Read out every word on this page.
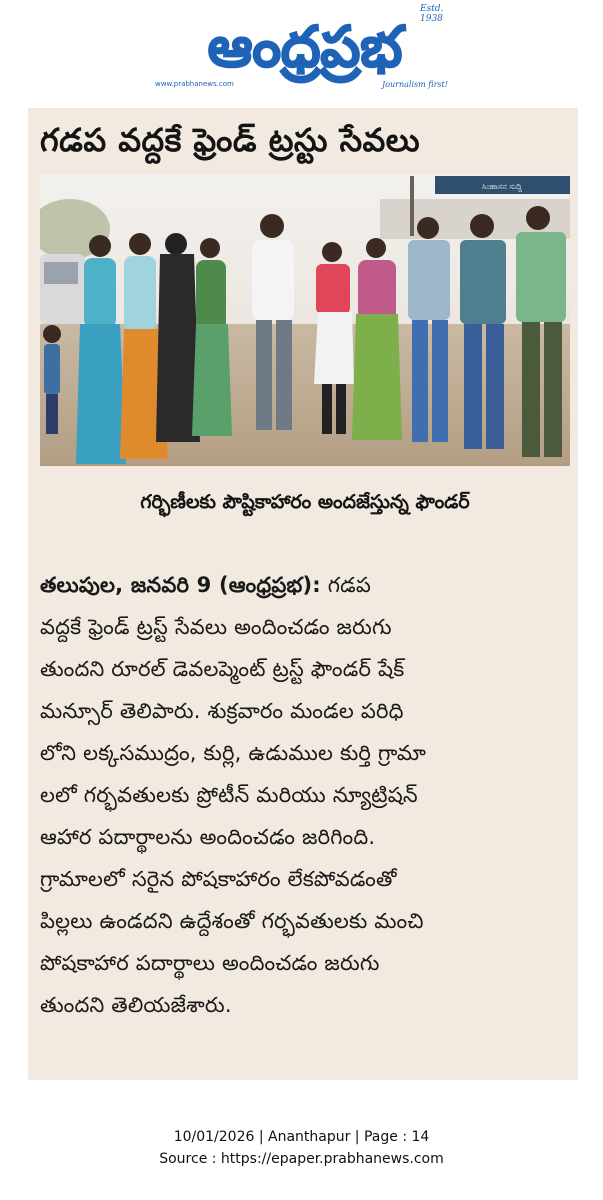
ఆంధ్రప్రభ
Estd. 1938
www.prabhanews.com	Journalism first!
గడప వద్దకే ఫ్రెండ్ ట్రస్టు సేవలు
ಸಿಂಹಾಸನ ಸುದ್ದಿ
గర్భిణీలకు పౌష్టికాహారం అందజేస్తున్న ఫౌండర్
తలుపుల, జనవరి 9 (ఆంధ్రప్రభ): గడప
వద్దకే ఫ్రెండ్ ట్రస్ట్ సేవలు అందించడం జరుగు
తుందని రూరల్ డెవలప్మెంట్ ట్రస్ట్ ఫౌండర్ షేక్
మన్సూర్ తెలిపారు. శుక్రవారం మండల పరిధి
లోని లక్కసముద్రం, కుర్లి, ఉడుముల కుర్తి గ్రామా
లలో గర్భవతులకు ప్రోటీన్ మరియు న్యూట్రిషన్
ఆహార పదార్థాలను అందించడం జరిగింది.
గ్రామాలలో సరైన పోషకాహారం లేకపోవడంతో
పిల్లలు ఉండదని ఉద్దేశంతో గర్భవతులకు మంచి
పోషకాహార పదార్థాలు అందించడం జరుగు
తుందని తెలియజేశారు.
10/01/2026 | Ananthapur | Page : 14
Source : https://epaper.prabhanews.com
